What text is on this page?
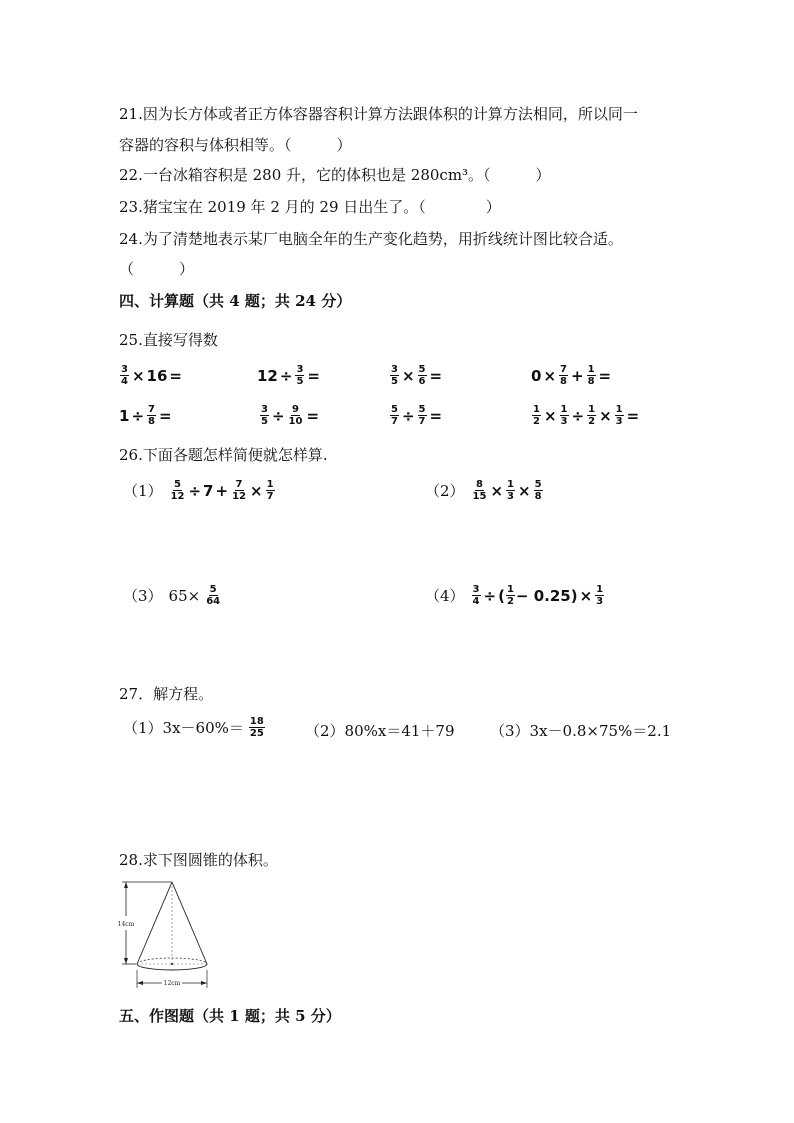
21.因为长方体或者正方体容器容积计算方法跟体积的计算方法相同，所以同一
容器的容积与体积相等。（　　　）
22.一台冰箱容积是 280 升，它的体积也是 280cm³。（　　　）
23.猪宝宝在 2019 年 2 月的 29 日出生了。（　　　　）
24.为了清楚地表示某厂电脑全年的生产变化趋势，用折线统计图比较合适。
（　　　）
四、计算题（共 4 题；共 24 分）
25.直接写得数
$\frac{3}{4} \times 16$ =	$12 \div \frac{3}{5}$ =	$\frac{3}{5} \times \frac{5}{6}$ =	$0 \times \frac{7}{8} + \frac{1}{8}$ =
$1 \div \frac{7}{8}$ =	$\frac{3}{5} \div \frac{9}{10}$ =	$\frac{5}{7} \div \frac{5}{7}$ =	$\frac{1}{2} \times \frac{1}{3} \div \frac{1}{2} \times \frac{1}{3}$ =
26.下面各题怎样简便就怎样算.
$(1) \frac{5}{12} \div 7 + \frac{7}{12} \times \frac{1}{7}$	$(2) \frac{8}{15} \times \frac{1}{3} \times \frac{5}{8}$
（3） $65\times \frac{5}{64}$	$(4) \frac{3}{4}$ ÷ ( $\frac{1}{2} - 0.25) \times \frac{1}{3}$
27．解方程。
$(1)3x-60\%= \frac{18}{25}$	（2）80%x＝41＋79 （3）3x－0.8×75%＝2.1
28.求下图圆锥的体积。
14cm
12cm
五、作图题（共 1 题；共 5 分）
